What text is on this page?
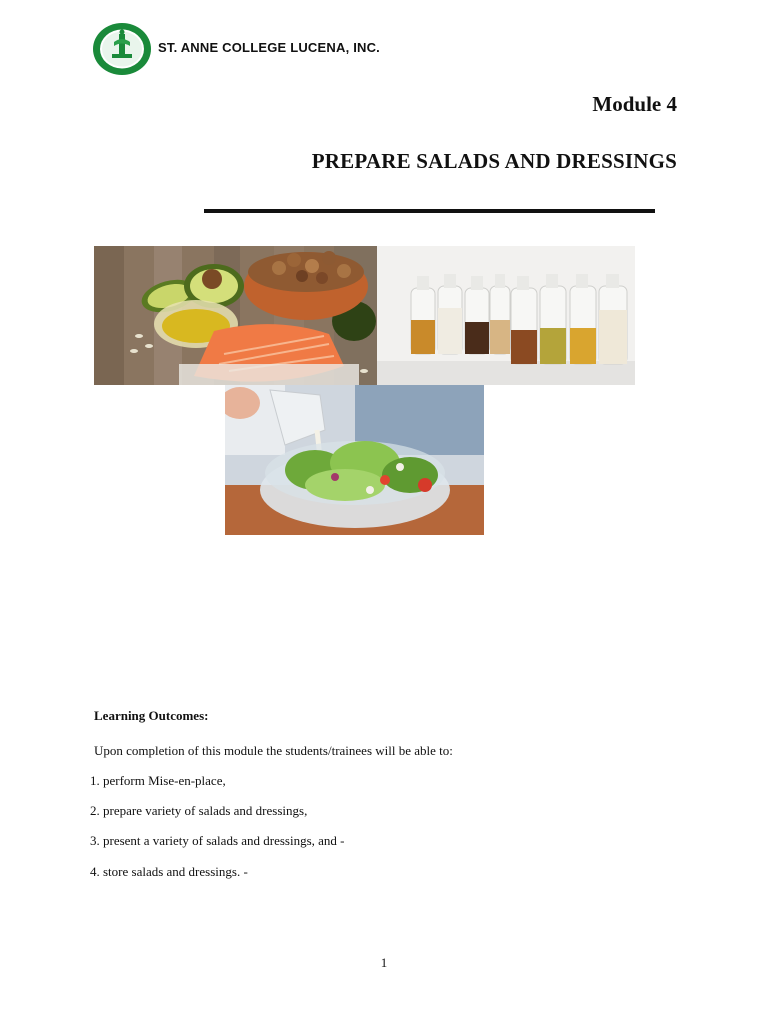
ST. ANNE COLLEGE LUCENA, INC.
Module 4
PREPARE SALADS AND DRESSINGS
Learning Outcomes:
Upon completion of this module the students/trainees will be able to:
1. perform Mise-en-place,
2. prepare variety of salads and dressings,
3. present a variety of salads and dressings, and -
4. store salads and dressings. -
1
